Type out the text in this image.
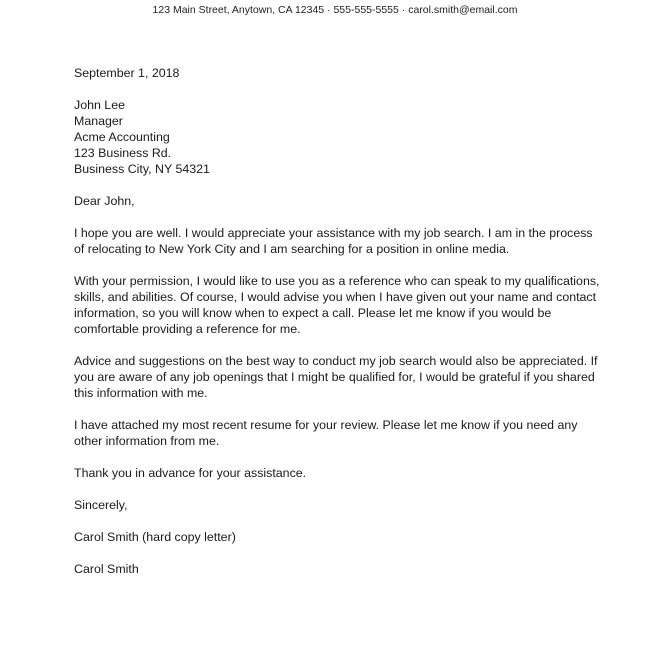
123 Main Street, Anytown, CA 12345 · 555-555-5555 · carol.smith@email.com
September 1, 2018
John Lee
Manager
Acme Accounting
123 Business Rd.
Business City, NY 54321
Dear John,
I hope you are well. I would appreciate your assistance with my job search. I am in the process
of relocating to New York City and I am searching for a position in online media.
With your permission, I would like to use you as a reference who can speak to my qualifications,
skills, and abilities. Of course, I would advise you when I have given out your name and contact
information, so you will know when to expect a call. Please let me know if you would be
comfortable providing a reference for me.
Advice and suggestions on the best way to conduct my job search would also be appreciated. If
you are aware of any job openings that I might be qualified for, I would be grateful if you shared
this information with me.
I have attached my most recent resume for your review. Please let me know if you need any
other information from me.
Thank you in advance for your assistance.
Sincerely,
Carol Smith (hard copy letter)
Carol Smith
